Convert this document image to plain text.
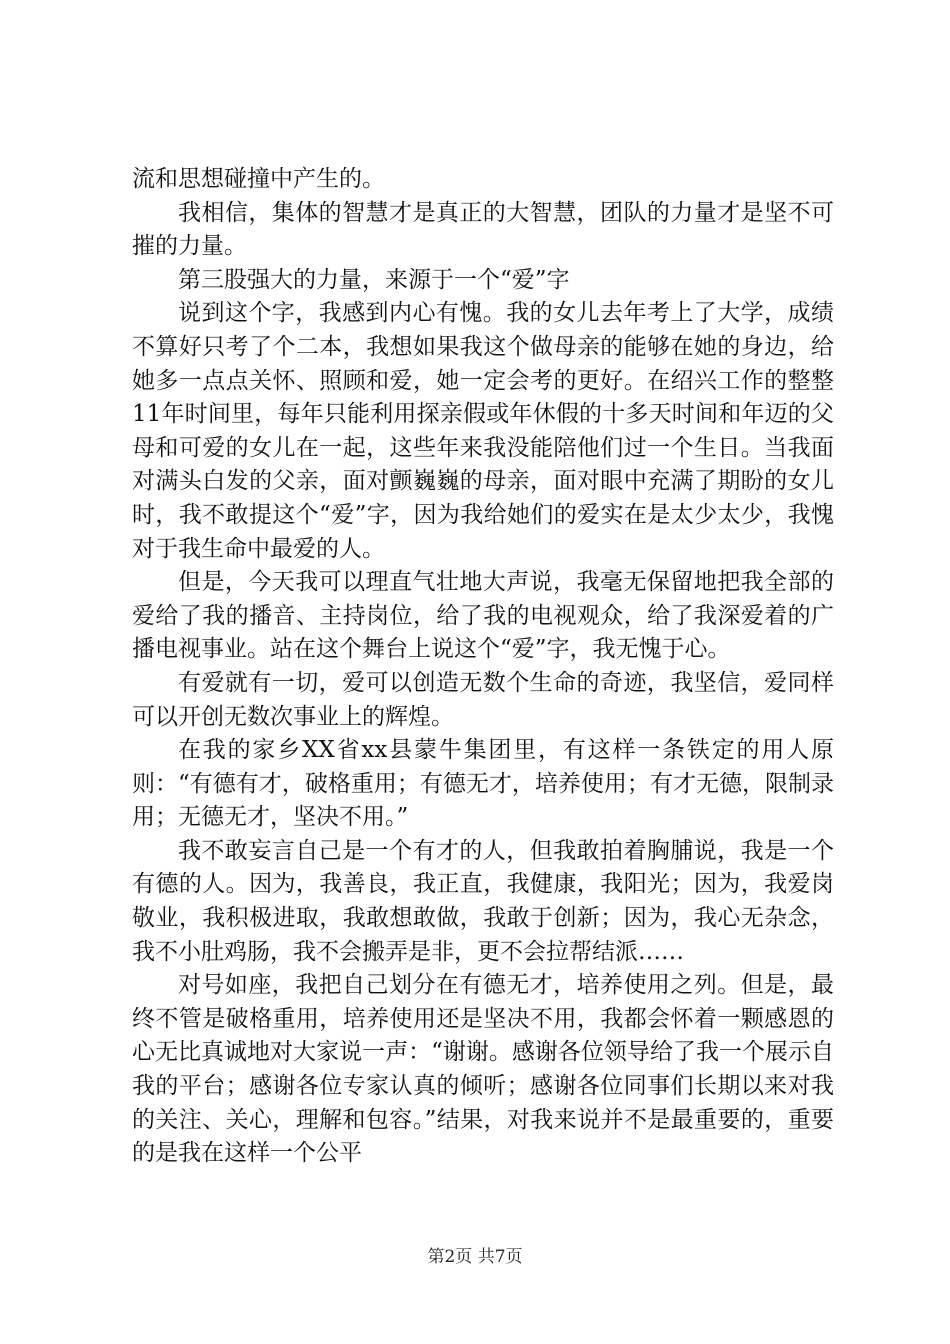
流和思想碰撞中产生的。

我相信，集体的智慧才是真正的大智慧，团队的力量才是坚不可摧的力量。

第三股强大的力量，来源于一个“爱”字

说到这个字，我感到内心有愧。我的女儿去年考上了大学，成绩不算好只考了个二本，我想如果我这个做母亲的能够在她的身边，给她多一点点关怀、照顾和爱，她一定会考的更好。在绍兴工作的整整11年时间里，每年只能利用探亲假或年休假的十多天时间和年迈的父母和可爱的女儿在一起，这些年来我没能陪他们过一个生日。当我面对满头白发的父亲，面对颤巍巍的母亲，面对眼中充满了期盼的女儿时，我不敢提这个“爱”字，因为我给她们的爱实在是太少太少，我愧对于我生命中最爱的人。

但是，今天我可以理直气壮地大声说，我毫无保留地把我全部的爱给了我的播音、主持岗位，给了我的电视观众，给了我深爱着的广播电视事业。站在这个舞台上说这个“爱”字，我无愧于心。

有爱就有一切，爱可以创造无数个生命的奇迹，我坚信，爱同样可以开创无数次事业上的辉煌。

在我的家乡XX省xx县蒙牛集团里，有这样一条铁定的用人原则：“有德有才，破格重用；有德无才，培养使用；有才无德，限制录用；无德无才，坚决不用。”

我不敢妄言自己是一个有才的人，但我敢拍着胸脯说，我是一个有德的人。因为，我善良，我正直，我健康，我阳光；因为，我爱岗敬业，我积极进取，我敢想敢做，我敢于创新；因为，我心无杂念，我不小肚鸡肠，我不会搬弄是非，更不会拉帮结派……

对号如座，我把自己划分在有德无才，培养使用之列。但是，最终不管是破格重用，培养使用还是坚决不用，我都会怀着一颗感恩的心无比真诚地对大家说一声：“谢谢。感谢各位领导给了我一个展示自我的平台；感谢各位专家认真的倾听；感谢各位同事们长期以来对我的关注、关心，理解和包容。”结果，对我来说并不是最重要的，重要的是我在这样一个公平

第2页 共7页
